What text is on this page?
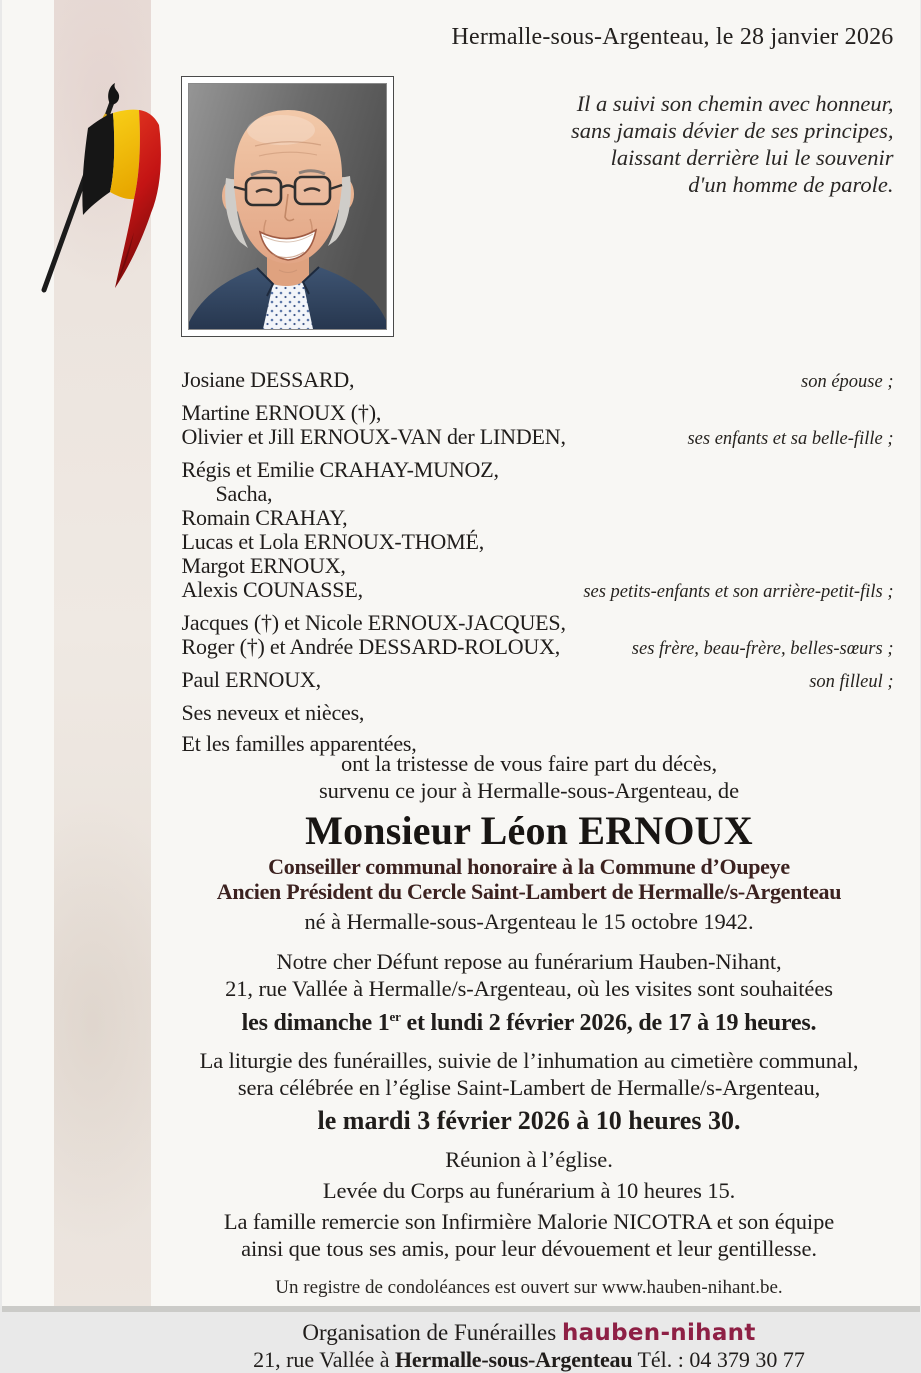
Hermalle-sous-Argenteau, le 28 janvier 2026
Il a suivi son chemin avec honneur,
sans jamais dévier de ses principes,
laissant derrière lui le souvenir
d'un homme de parole.
Josiane DESSARD,	son épouse ;
Martine ERNOUX (†),
Olivier et Jill ERNOUX-VAN der LINDEN,	ses enfants et sa belle-fille ;
Régis et Emilie CRAHAY-MUNOZ,
Sacha,
Romain CRAHAY,
Lucas et Lola ERNOUX-THOMÉ,
Margot ERNOUX,
Alexis COUNASSE,	ses petits-enfants et son arrière-petit-fils ;
Jacques (†) et Nicole ERNOUX-JACQUES,
Roger (†) et Andrée DESSARD-ROLOUX,	ses frère, beau-frère, belles-sœurs ;
Paul ERNOUX,	son filleul ;
Ses neveux et nièces,
Et les familles apparentées,
ont la tristesse de vous faire part du décès,
survenu ce jour à Hermalle-sous-Argenteau, de
Monsieur Léon ERNOUX
Conseiller communal honoraire à la Commune d’Oupeye
Ancien Président du Cercle Saint-Lambert de Hermalle/s-Argenteau
né à Hermalle-sous-Argenteau le 15 octobre 1942.
Notre cher Défunt repose au funérarium Hauben-Nihant,
21, rue Vallée à Hermalle/s-Argenteau, où les visites sont souhaitées
les dimanche 1er et lundi 2 février 2026, de 17 à 19 heures.
La liturgie des funérailles, suivie de l’inhumation au cimetière communal,
sera célébrée en l’église Saint-Lambert de Hermalle/s-Argenteau,
le mardi 3 février 2026 à 10 heures 30.
Réunion à l’église.
Levée du Corps au funérarium à 10 heures 15.
La famille remercie son Infirmière Malorie NICOTRA et son équipe
ainsi que tous ses amis, pour leur dévouement et leur gentillesse.
Un registre de condoléances est ouvert sur www.hauben-nihant.be.
Organisation de Funérailles hauben-nihant
21, rue Vallée à Hermalle-sous-Argenteau Tél. : 04 379 30 77
